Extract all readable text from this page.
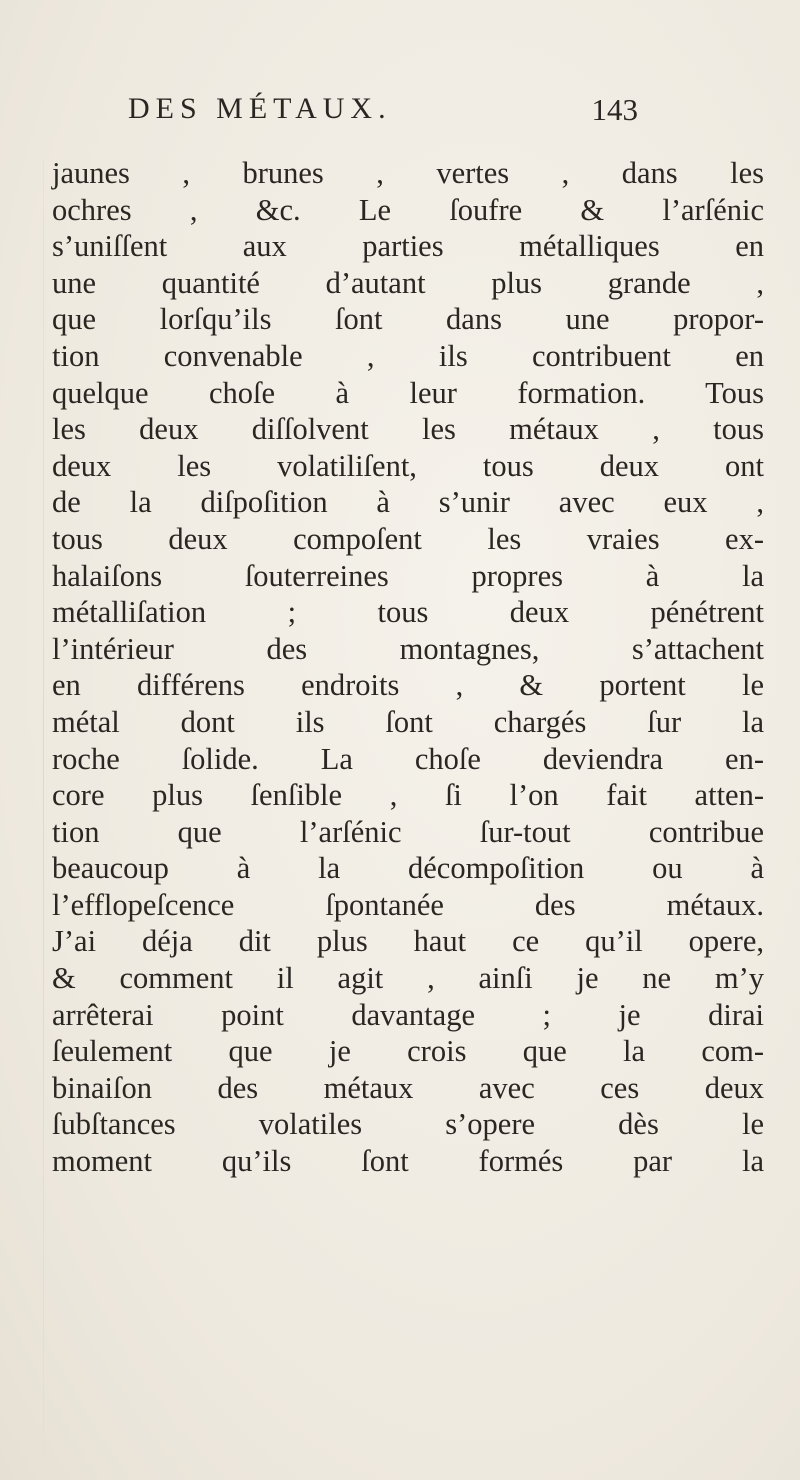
DES MÉTAUX.	143
jaunes , brunes , vertes , dans les
ochres , &c. Le ſoufre & l’arſénic
s’uniſſent aux parties métalliques en
une quantité d’autant plus grande ,
que lorſqu’ils ſont dans une propor-
tion convenable , ils contribuent en
quelque choſe à leur formation. Tous
les deux diſſolvent les métaux , tous
deux les volatiliſent, tous deux ont
de la diſpoſition à s’unir avec eux ,
tous deux compoſent les vraies ex-
halaiſons ſouterreines propres à la
métalliſation ; tous deux pénétrent
l’intérieur des montagnes, s’attachent
en différens endroits , & portent le
métal dont ils ſont chargés ſur la
roche ſolide. La choſe deviendra en-
core plus ſenſible , ſi l’on fait atten-
tion que l’arſénic ſur-tout contribue
beaucoup à la décompoſition ou à
l’efflореſcence ſpontanée des métaux.
J’ai déja dit plus haut ce qu’il opere,
& comment il agit , ainſi je ne m’y
arrêterai point davantage ; je dirai
ſeulement que je crois que la com-
binaiſon des métaux avec ces deux
ſubſtances volatiles s’opere dès le
moment qu’ils ſont formés par la
